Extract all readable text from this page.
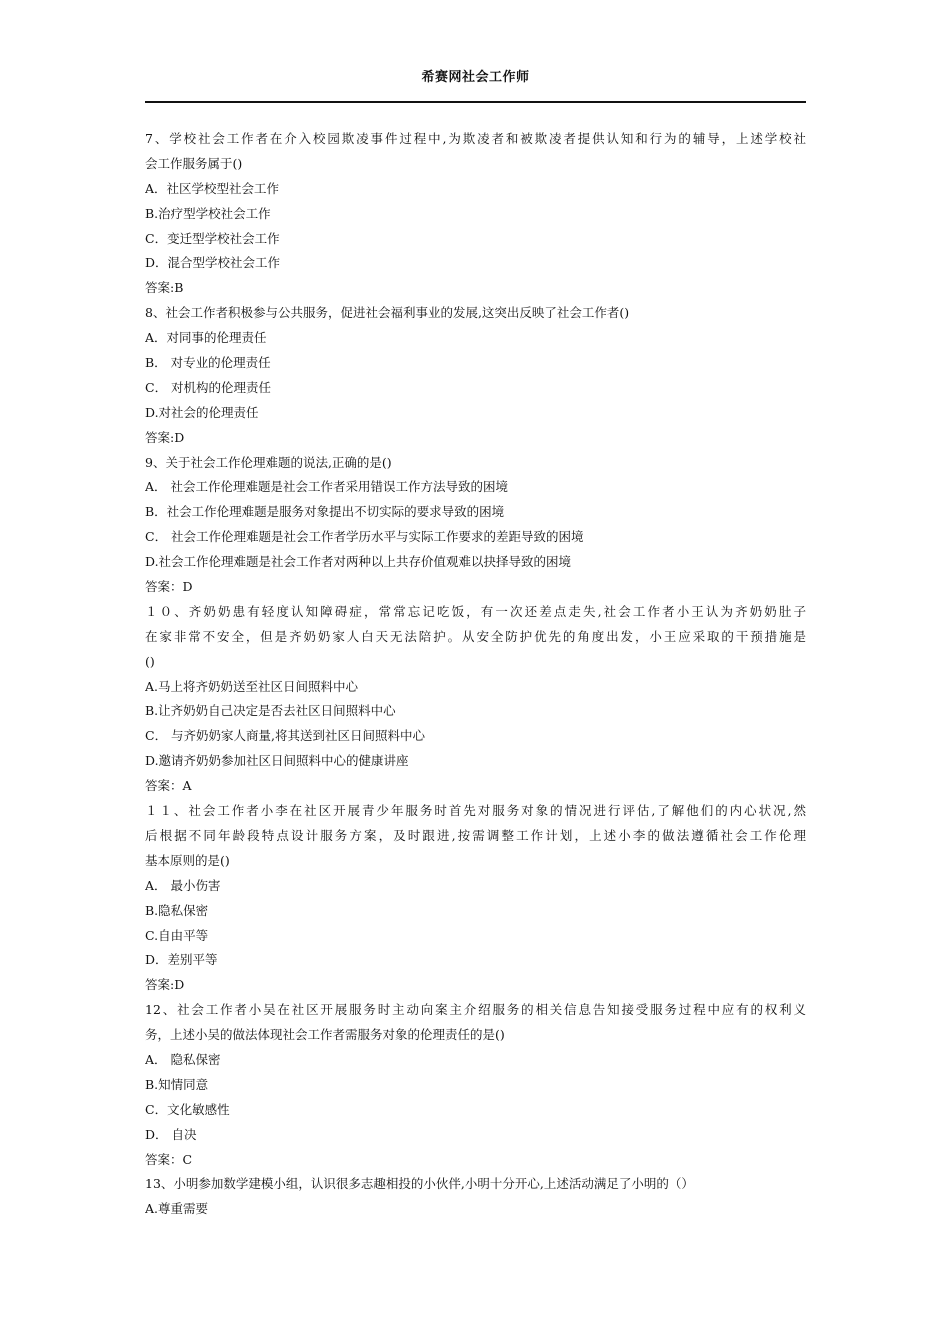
希赛网社会工作师
7、学校社会工作者在介入校园欺凌事件过程中,为欺凌者和被欺凌者提供认知和行为的辅导，上述学校社
会工作服务属于()
A．社区学校型社会工作
B.治疗型学校社会工作
C．变迁型学校社会工作
D．混合型学校社会工作
答案:B
8、社会工作者积极参与公共服务，促进社会福利事业的发展,这突出反映了社会工作者()
A．对同事的伦理责任
B． 对专业的伦理责任
C． 对机构的伦理责任
D.对社会的伦理责任
答案:D
9、关于社会工作伦理难题的说法,正确的是()
A． 社会工作伦理难题是社会工作者采用错误工作方法导致的困境
B．社会工作伦理难题是服务对象提出不切实际的要求导致的困境
C． 社会工作伦理难题是社会工作者学历水平与实际工作要求的差距导致的困境
D.社会工作伦理难题是社会工作者对两种以上共存价值观难以抉择导致的困境
答案：D
１０、齐奶奶患有轻度认知障碍症，常常忘记吃饭，有一次还差点走失,社会工作者小王认为齐奶奶肚子
在家非常不安全，但是齐奶奶家人白天无法陪护。从安全防护优先的角度出发，小王应采取的干预措施是
()
A.马上将齐奶奶送至社区日间照料中心
B.让齐奶奶自己决定是否去社区日间照料中心
C． 与齐奶奶家人商量,将其送到社区日间照料中心
D.邀请齐奶奶参加社区日间照料中心的健康讲座
答案：A
１１、社会工作者小李在社区开展青少年服务时首先对服务对象的情况进行评估,了解他们的内心状况,然
后根据不同年龄段特点设计服务方案，及时跟进,按需调整工作计划，上述小李的做法遵循社会工作伦理
基本原则的是()
A． 最小伤害
B.隐私保密
C.自由平等
D．差别平等
答案:D
12、社会工作者小吴在社区开展服务时主动向案主介绍服务的相关信息告知接受服务过程中应有的权利义
务，上述小吴的做法体现社会工作者需服务对象的伦理责任的是()
A． 隐私保密
B.知情同意
C．文化敏感性
D． 自决
答案：C
13、小明参加数学建模小组，认识很多志趣相投的小伙伴,小明十分开心,上述活动满足了小明的（）
A.尊重需要
